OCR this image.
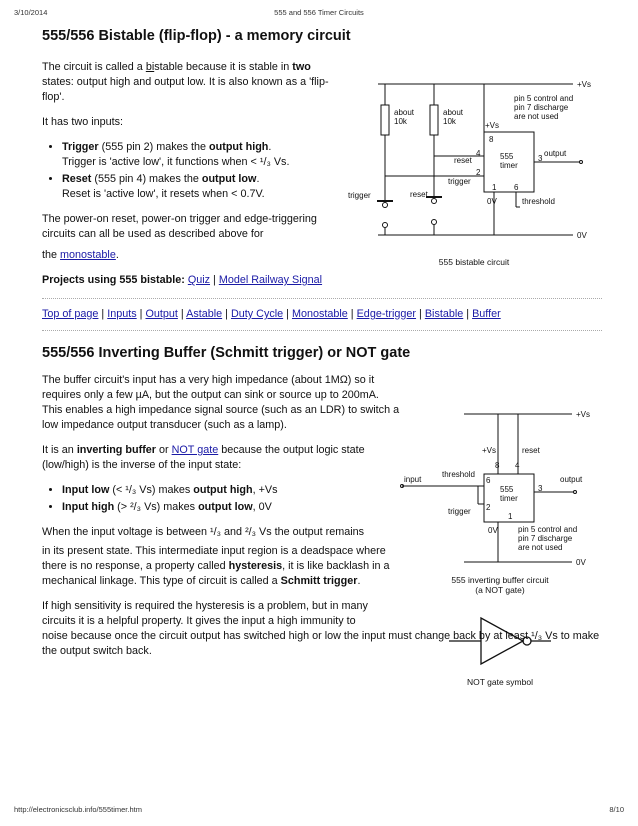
3/10/2014	555 and 556 Timer Circuits
555/556 Bistable (flip-flop) - a memory circuit

The circuit is called a bistable because it is stable in two states: output high and output low. It is also known as a 'flip-flop'.

It has two inputs:

• Trigger (555 pin 2) makes the output high.
Trigger is 'active low', it functions when < ¹/₃ Vs.
• Reset (555 pin 4) makes the output low.
Reset is 'active low', it resets when < 0.7V.

The power-on reset, power-on trigger and edge-triggering circuits can all be used as described above for

the monostable.

Projects using 555 bistable: Quiz | Model Railway Signal

Top of page | Inputs | Output | Astable | Duty Cycle | Monostable | Edge-trigger | Bistable | Buffer
555/556 Inverting Buffer (Schmitt trigger) or NOT gate

The buffer circuit's input has a very high impedance (about 1MΩ) so it requires only a few µA, but the output can sink or source up to 200mA. This enables a high impedance signal source (such as an LDR) to switch a low impedance output transducer (such as a lamp).

It is an inverting buffer or NOT gate because the output logic state (low/high) is the inverse of the input state:

• Input low (< ¹/₃ Vs) makes output high, +Vs
• Input high (> ²/₃ Vs) makes output low, 0V

When the input voltage is between ¹/₃ and ²/₃ Vs the output remains

in its present state. This intermediate input region is a deadspace where there is no response, a property called hysteresis, it is like backlash in a mechanical linkage. This type of circuit is called a Schmitt trigger.

If high sensitivity is required the hysteresis is a problem, but in many circuits it is a helpful property. It gives the input a high immunity to

noise because once the circuit output has switched high or low the input must change back by at least ¹/₃ Vs to make the output switch back.

+Vs
0V
about
10k
about
10k
pin 5 control and
pin 7 discharge
are not used
+Vs
8
4
reset	555
timer
3
output
2
trigger
1 6
0V	threshold
trigger	reset
555 bistable circuit
+Vs
0V
+Vs	reset
8 4
threshold
input	6
555
timer
3
output
2
trigger
1
0V	pin 5 control and
pin 7 discharge
are not used
555 inverting buffer circuit
(a NOT gate)
NOT gate symbol
http://electronicsclub.info/555timer.htm	8/10
